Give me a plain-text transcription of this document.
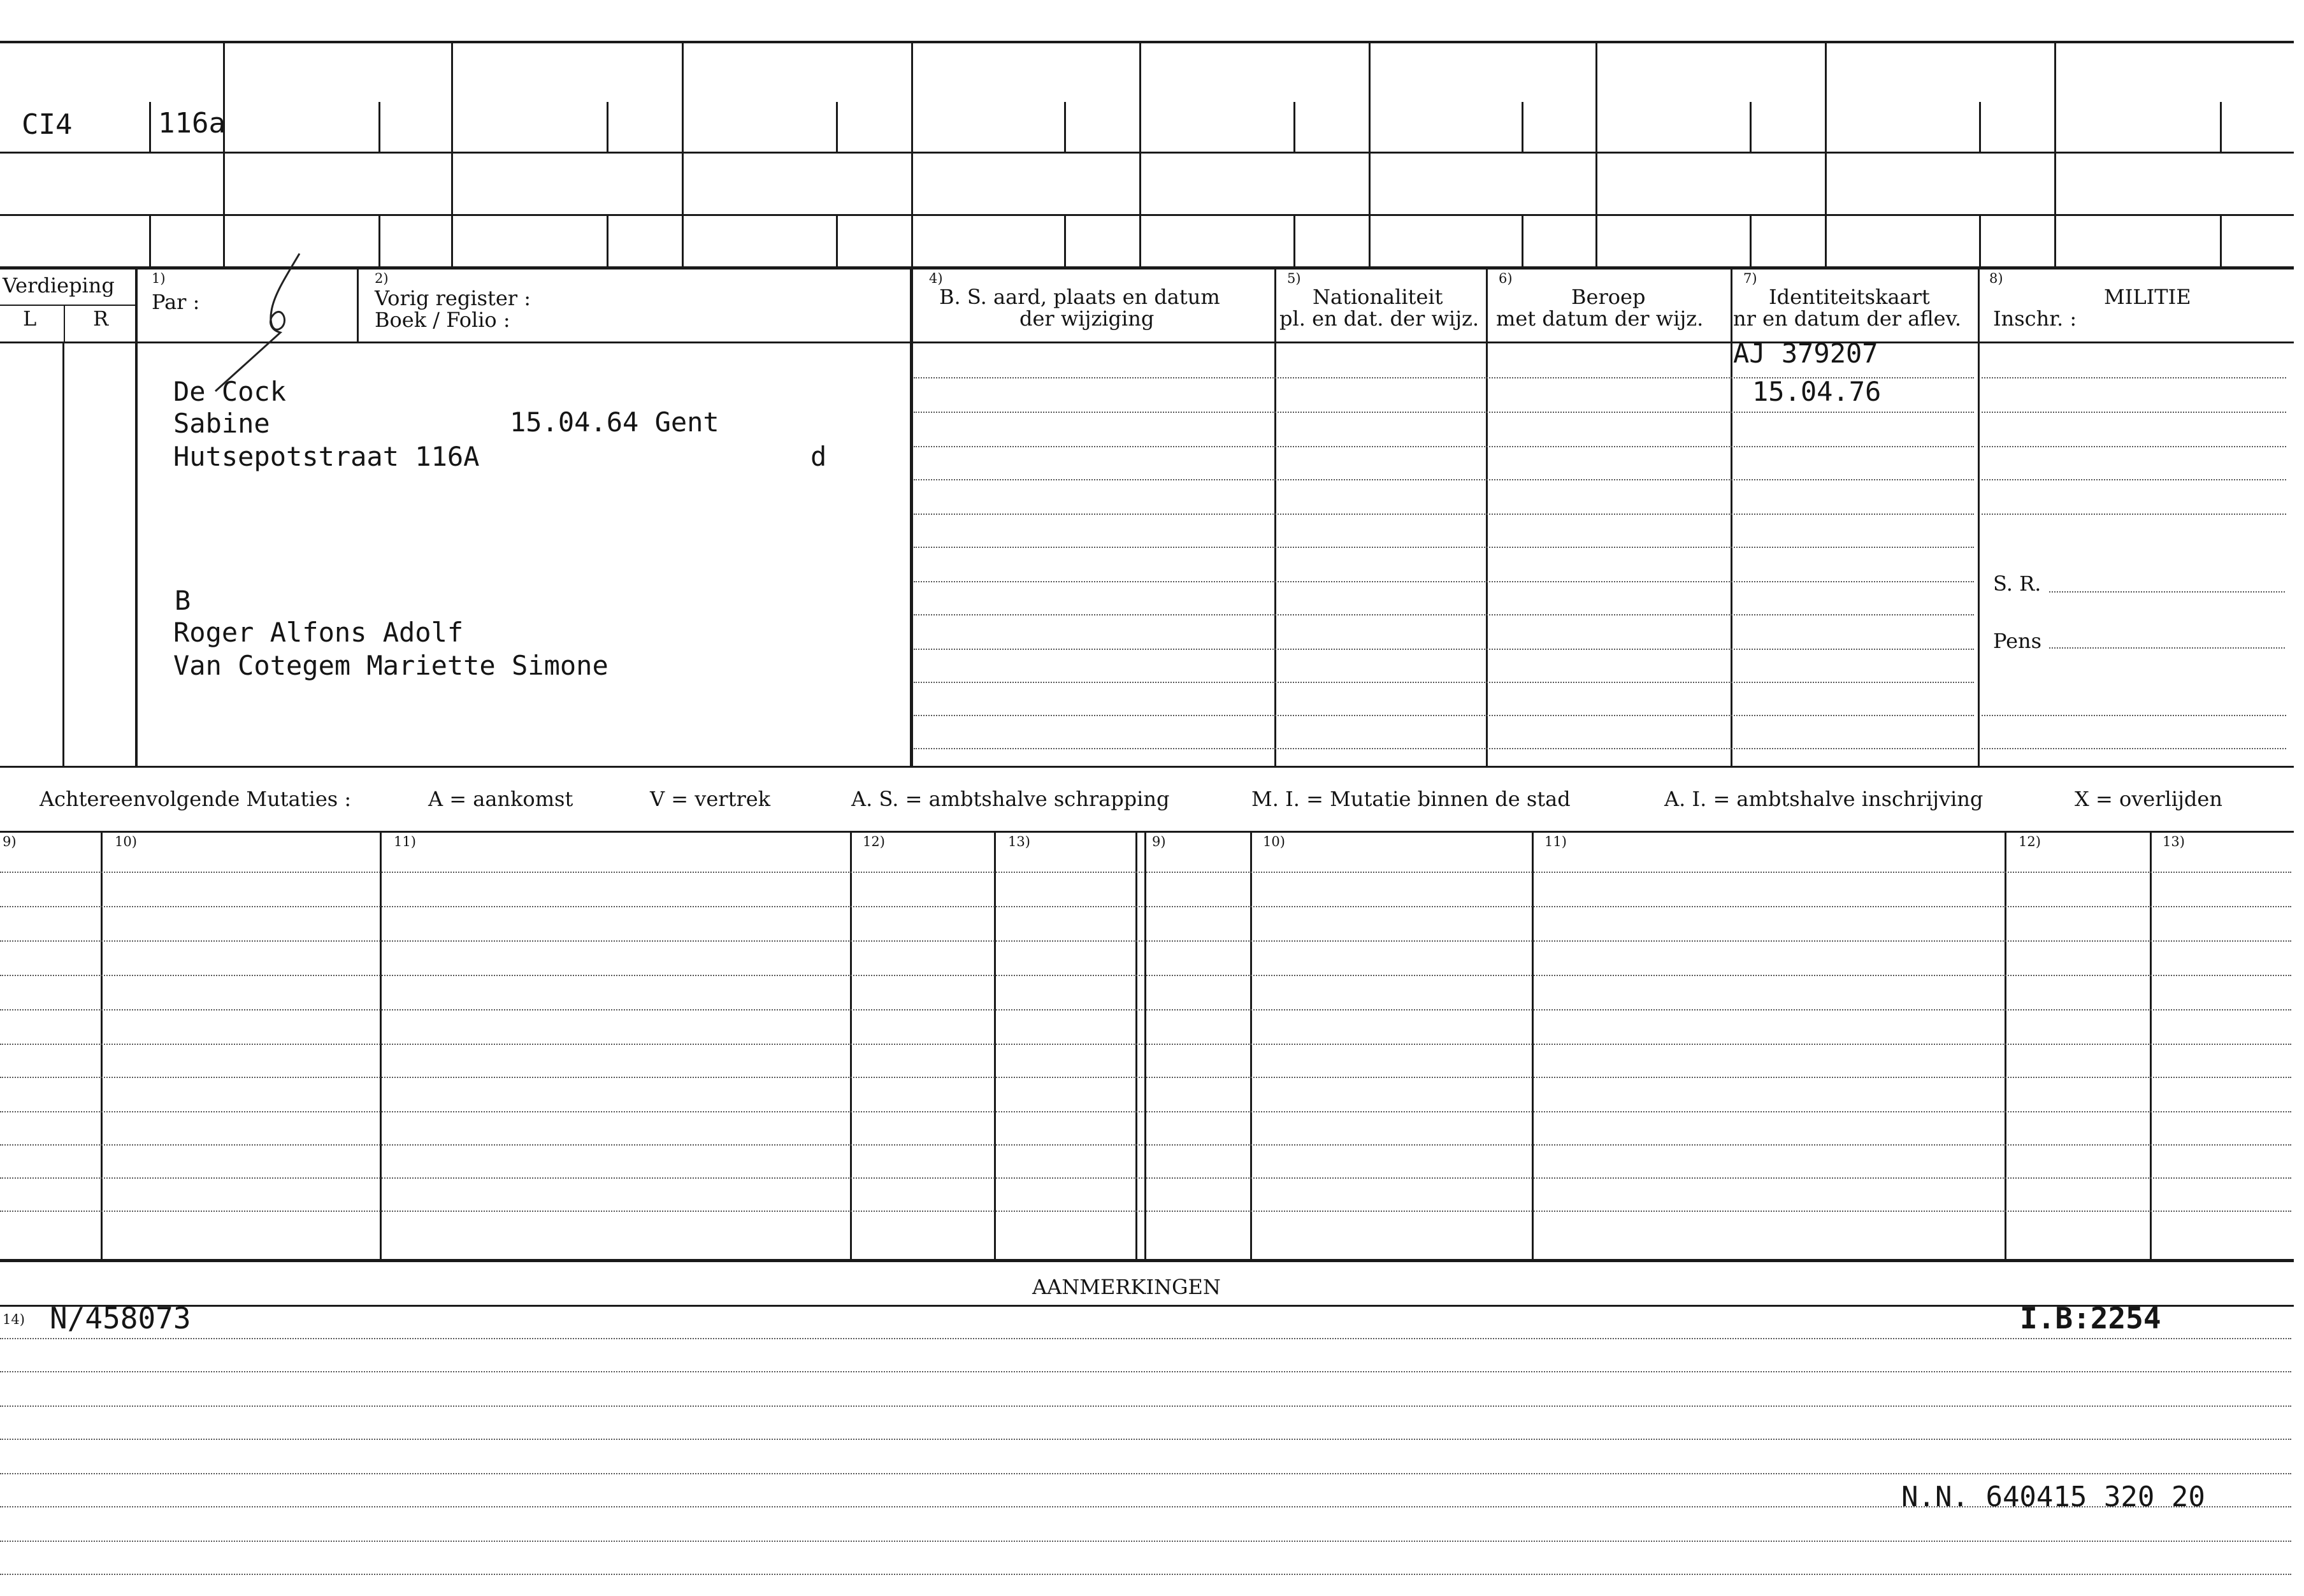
CI4	116a
Verdieping
L	R
1)
Par :
2)
Vorig register :
Boek / Folio :
4)
B. S. aard, plaats en datum
der wijziging
5)
Nationaliteit
pl. en dat. der wijz.
6)
Beroep
met datum der wijz.
7)
Identiteitskaart
nr en datum der aflev.
8)
MILITIE
Inschr. :
De Cock
Sabine	15.04.64 Gent
Hutsepotstraat 116A	d
B
Roger Alfons Adolf
Van Cotegem Mariette Simone
AJ 379207
15.04.76
S. R.
Pens
Achtereenvolgende Mutaties :	A = aankomst	V = vertrek	A. S. = ambtshalve schrapping	M. I. = Mutatie binnen de stad	A. I. = ambtshalve inschrijving	X = overlijden
9)	10)	11)	12)	13)	9)	10)	11)	12)	13)
AANMERKINGEN
14) N/458073	I.B:2254
N.N. 640415 320 20
